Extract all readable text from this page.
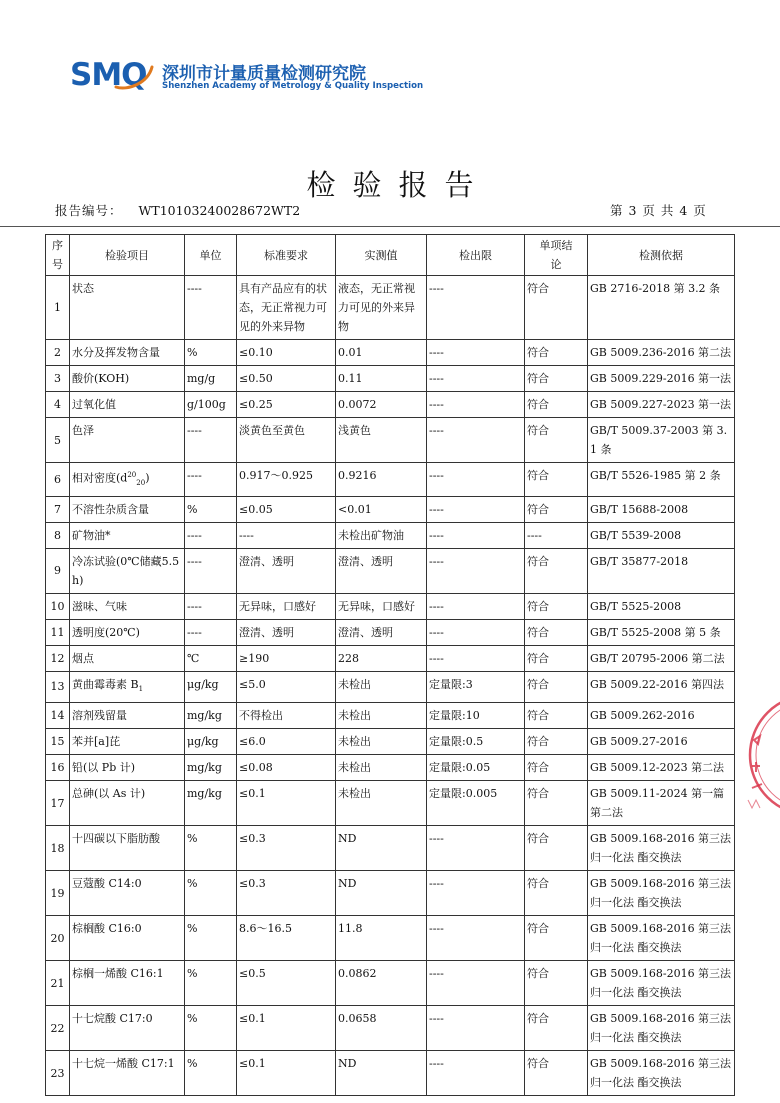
SMQ 深圳市计量质量检测研究院
Shenzhen Academy of Metrology & Quality Inspection
检验报告
报告编号： WT10103240028672WT2	第 3 页 共 4 页
序号	检验项目	单位	标准要求	实测值	检出限	单项结论	检测依据
1	状态	----	具有产品应有的状态，无正常视力可见的外来异物	液态，无正常视力可见的外来异物	----	符合	GB 2716-2018 第 3.2 条
2	水分及挥发物含量	%	≤0.10	0.01	----	符合	GB 5009.236-2016 第二法
3	酸价(KOH)	mg/g	≤0.50	0.11	----	符合	GB 5009.229-2016 第一法
4	过氧化值	g/100g	≤0.25	0.0072	----	符合	GB 5009.227-2023 第一法
5	色泽	----	淡黄色至黄色	浅黄色	----	符合	GB/T 5009.37-2003 第 3.1 条
6	相对密度$(d^{20}_{20})$	----	0.917～0.925	0.9216	----	符合	GB/T 5526-1985 第 2 条
7	不溶性杂质含量	%	≤0.05	<0.01	----	符合	GB/T 15688-2008
8	矿物油*	----	----	未检出矿物油	----	----	GB/T 5539-2008
9	冷冻试验(0℃储藏5.5h)	----	澄清、透明	澄清、透明	----	符合	GB/T 35877-2018
10	滋味、气味	----	无异味，口感好	无异味，口感好	----	符合	GB/T 5525-2008
11	透明度(20℃)	----	澄清、透明	澄清、透明	----	符合	GB/T 5525-2008 第 5 条
12	烟点	℃	≥190	228	----	符合	GB/T 20795-2006 第二法
13	黄曲霉毒素 $B_1$	μg/kg	≤5.0	未检出	定量限:3	符合	GB 5009.22-2016 第四法
14	溶剂残留量	mg/kg	不得检出	未检出	定量限:10	符合	GB 5009.262-2016
15	苯并[a]芘	μg/kg	≤6.0	未检出	定量限:0.5	符合	GB 5009.27-2016
16	铅(以 Pb 计)	mg/kg	≤0.08	未检出	定量限:0.05	符合	GB 5009.12-2023 第二法
17	总砷(以 As 计)	mg/kg	≤0.1	未检出	定量限:0.005	符合	GB 5009.11-2024 第一篇 第二法
18	十四碳以下脂肪酸	%	≤0.3	ND	----	符合	GB 5009.168-2016 第三法 归一化法 酯交换法
19	豆蔻酸 C14:0	%	≤0.3	ND	----	符合	GB 5009.168-2016 第三法 归一化法 酯交换法
20	棕榈酸 C16:0	%	8.6～16.5	11.8	----	符合	GB 5009.168-2016 第三法 归一化法 酯交换法
21	棕榈一烯酸 C16:1	%	≤0.5	0.0862	----	符合	GB 5009.168-2016 第三法 归一化法 酯交换法
22	十七烷酸 C17:0	%	≤0.1	0.0658	----	符合	GB 5009.168-2016 第三法 归一化法 酯交换法
23	十七烷一烯酸 C17:1	%	≤0.1	ND	----	符合	GB 5009.168-2016 第三法 归一化法 酯交换法
